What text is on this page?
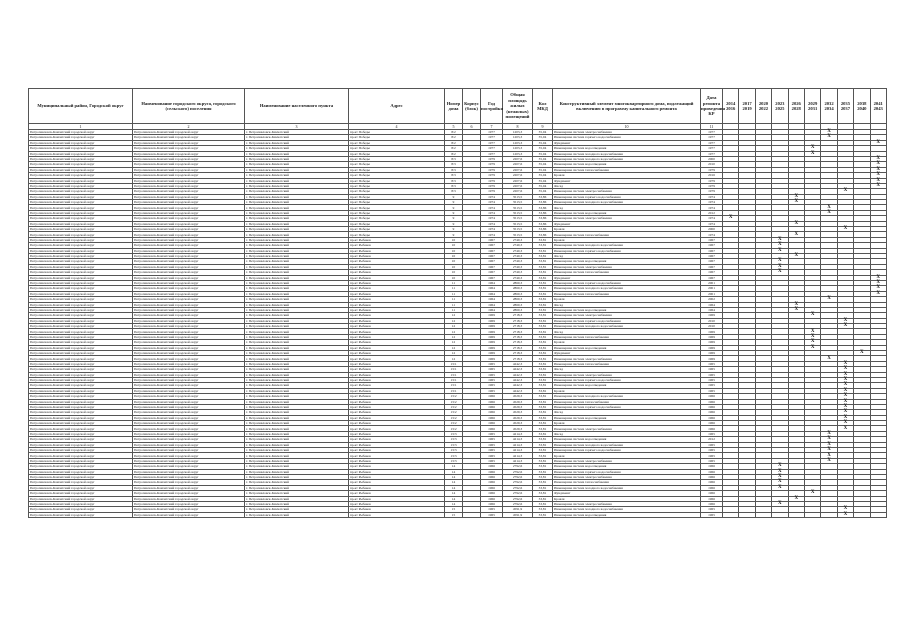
Муниципальный район, Городской округ	Наименование городского округа, городского (сельского) поселения	Наименование населенного пункта	Адрес	Номер дома	Корпус (блок)	Год постройки	Общая площадь жилых (нежилых) помещений	Кол МКД	Конструктивный элемент многоквартирного дома, подлежащий включению в программу капитального ремонта	Дата ремонта проведения КР	2014 2016	2017 2019	2020 2022	2023 2025	2026 2028	2029 2031	2032 2034	2035 2037	2038 2040	2041 2043
1	2	3	4	5	6	7	8	9	10	11										
Петропавловск-Камчатский городской округ	Петропавловск-Камчатский городской округ	г. Петропавловск-Камчатский	пр-кт Победы	8/2		1977	1203,3	35,04	Инженерная система электроснабжения	1977							X			
Петропавловск-Камчатский городской округ	Петропавловск-Камчатский городской округ	г. Петропавловск-Камчатский	пр-кт Победы	8/2		1977	1203,3	35,04	Инженерная система горячего водоснабжения	1977							X			
Петропавловск-Камчатский городской округ	Петропавловск-Камчатский городской округ	г. Петропавловск-Камчатский	пр-кт Победы	8/2		1977	1203,3	35,04	Фундамент	1977										X
Петропавловск-Камчатский городской округ	Петропавловск-Камчатский городской округ	г. Петропавловск-Камчатский	пр-кт Победы	8/2		1977	1203,3	35,04	Инженерная система водоотведения	1977						X				
Петропавловск-Камчатский городской округ	Петропавловск-Камчатский городской округ	г. Петропавловск-Камчатский	пр-кт Победы	8/2		1977	1203,3	35,04	Инженерная система холодного водоснабжения	1977						X				
Петропавловск-Камчатский городской округ	Петропавловск-Камчатский городской округ	г. Петропавловск-Камчатский	пр-кт Победы	8/3		1979	2207,6	35,04	Инженерная система холодного водоснабжения	2000										X
Петропавловск-Камчатский городской округ	Петропавловск-Камчатский городской округ	г. Петропавловск-Камчатский	пр-кт Победы	8/3		1979	2207,6	35,04	Инженерная система водоотведения	2010										X
Петропавловск-Камчатский городской округ	Петропавловск-Камчатский городской округ	г. Петропавловск-Камчатский	пр-кт Победы	8/3		1979	2207,6	35,04	Инженерная система теплоснабжения	1979										X
Петропавловск-Камчатский городской округ	Петропавловск-Камчатский городской округ	г. Петропавловск-Камчатский	пр-кт Победы	8/3		1979	2207,6	35,04	Кровля	2016										X
Петропавловск-Камчатский городской округ	Петропавловск-Камчатский городской округ	г. Петропавловск-Камчатский	пр-кт Победы	8/3		1979	2207,6	35,04	Фундамент	1979										X
Петропавловск-Камчатский городской округ	Петропавловск-Камчатский городской округ	г. Петропавловск-Камчатский	пр-кт Победы	8/3		1979	2207,6	35,04	Фасад	1979										X
Петропавловск-Камчатский городской округ	Петропавловск-Камчатский городской округ	г. Петропавловск-Камчатский	пр-кт Победы	8/3		1979	2207,6	35,04	Инженерная система электроснабжения	1979								X		
Петропавловск-Камчатский городской округ	Петропавловск-Камчатский городской округ	г. Петропавловск-Камчатский	пр-кт Победы	9		1974	3513,5	33,86	Инженерная система горячего водоснабжения	1974					X					
Петропавловск-Камчатский городской округ	Петропавловск-Камчатский городской округ	г. Петропавловск-Камчатский	пр-кт Победы	9		1974	3513,5	33,86	Инженерная система холодного водоснабжения	1974					X					
Петропавловск-Камчатский городской округ	Петропавловск-Камчатский городской округ	г. Петропавловск-Камчатский	пр-кт Победы	9		1974	3513,5	33,86	Фасад	1974							X			
Петропавловск-Камчатский городской округ	Петропавловск-Камчатский городской округ	г. Петропавловск-Камчатский	пр-кт Победы	9		1974	3513,5	33,86	Инженерная система водоотведения	2012							X			
Петропавловск-Камчатский городской округ	Петропавловск-Камчатский городской округ	г. Петропавловск-Камчатский	пр-кт Победы	9		1974	3513,5	33,86	Инженерная система электроснабжения	1974	X									
Петропавловск-Камчатский городской округ	Петропавловск-Камчатский городской округ	г. Петропавловск-Камчатский	пр-кт Победы	9		1974	3513,5	33,86	Фундамент	1974					X					
Петропавловск-Камчатский городской округ	Петропавловск-Камчатский городской округ	г. Петропавловск-Камчатский	пр-кт Победы	9		1974	3513,5	33,86	Кровля	2000								X		
Петропавловск-Камчатский городской округ	Петропавловск-Камчатский городской округ	г. Петропавловск-Камчатский	пр-кт Победы	9		1974	3513,5	33,86	Инженерная система теплоснабжения	1974					X					
Петропавловск-Камчатский городской округ	Петропавловск-Камчатский городской округ	г. Петропавловск-Камчатский	пр-кт Рыбаков	10		1967	2740,3	33,81	Кровля	1967				X						
Петропавловск-Камчатский городской округ	Петропавловск-Камчатский городской округ	г. Петропавловск-Камчатский	пр-кт Рыбаков	10		1967	2740,3	33,81	Инженерная система холодного водоснабжения	1967				X						
Петропавловск-Камчатский городской округ	Петропавловск-Камчатский городской округ	г. Петропавловск-Камчатский	пр-кт Рыбаков	10		1967	2740,3	33,81	Инженерная система горячего водоснабжения	1967				X						
Петропавловск-Камчатский городской округ	Петропавловск-Камчатский городской округ	г. Петропавловск-Камчатский	пр-кт Рыбаков	10		1967	2740,3	33,81	Фасад	1967					X					
Петропавловск-Камчатский городской округ	Петропавловск-Камчатский городской округ	г. Петропавловск-Камчатский	пр-кт Рыбаков	10		1967	2740,3	33,81	Инженерная система водоотведения	1967				X						
Петропавловск-Камчатский городской округ	Петропавловск-Камчатский городской округ	г. Петропавловск-Камчатский	пр-кт Рыбаков	10		1967	2740,3	33,81	Инженерная система электроснабжения	1967				X						
Петропавловск-Камчатский городской округ	Петропавловск-Камчатский городской округ	г. Петропавловск-Камчатский	пр-кт Рыбаков	10		1967	2740,3	33,81	Инженерная система теплоснабжения	1967				X						
Петропавловск-Камчатский городской округ	Петропавловск-Камчатский городской округ	г. Петропавловск-Камчатский	пр-кт Рыбаков	10		1967	2740,3	33,81	Фундамент	1967										X
Петропавловск-Камчатский городской округ	Петропавловск-Камчатский городской округ	г. Петропавловск-Камчатский	пр-кт Рыбаков	11		1964	2860,3	33,81	Инженерная система горячего водоснабжения	2001										X
Петропавловск-Камчатский городской округ	Петропавловск-Камчатский городской округ	г. Петропавловск-Камчатский	пр-кт Рыбаков	11		1964	2860,3	33,81	Инженерная система холодного водоснабжения	2001										X
Петропавловск-Камчатский городской округ	Петропавловск-Камчатский городской округ	г. Петропавловск-Камчатский	пр-кт Рыбаков	11		1964	2860,3	33,81	Инженерная система теплоснабжения	2001										X
Петропавловск-Камчатский городской округ	Петропавловск-Камчатский городской округ	г. Петропавловск-Камчатский	пр-кт Рыбаков	11		1964	2860,3	33,81	Кровля	2002							X			
Петропавловск-Камчатский городской округ	Петропавловск-Камчатский городской округ	г. Петропавловск-Камчатский	пр-кт Рыбаков	11		1964	2860,3	33,81	Фасад	1964					X					
Петропавловск-Камчатский городской округ	Петропавловск-Камчатский городской округ	г. Петропавловск-Камчатский	пр-кт Рыбаков	11		1964	2860,3	33,81	Инженерная система водоотведения	1964					X					
Петропавловск-Камчатский городской округ	Петропавловск-Камчатский городской округ	г. Петропавловск-Камчатский	пр-кт Рыбаков	12		1969	2718,3	33,81	Инженерная система электроснабжения	1969						X				
Петропавловск-Камчатский городской округ	Петропавловск-Камчатский городской округ	г. Петропавловск-Камчатский	пр-кт Рыбаков	12		1969	2718,3	33,81	Инженерная система горячего водоснабжения	2010								X		
Петропавловск-Камчатский городской округ	Петропавловск-Камчатский городской округ	г. Петропавловск-Камчатский	пр-кт Рыбаков	12		1969	2718,3	33,81	Инженерная система холодного водоснабжения	2010								X		
Петропавловск-Камчатский городской округ	Петропавловск-Камчатский городской округ	г. Петропавловск-Камчатский	пр-кт Рыбаков	12		1969	2718,3	33,81	Фасад	1969						X				
Петропавловск-Камчатский городской округ	Петропавловск-Камчатский городской округ	г. Петропавловск-Камчатский	пр-кт Рыбаков	12		1969	2718,3	33,81	Инженерная система теплоснабжения	1969						X				
Петропавловск-Камчатский городской округ	Петропавловск-Камчатский городской округ	г. Петропавловск-Камчатский	пр-кт Рыбаков	12		1969	2718,3	33,81	Кровля	1969						X				
Петропавловск-Камчатский городской округ	Петропавловск-Камчатский городской округ	г. Петропавловск-Камчатский	пр-кт Рыбаков	12		1969	2718,3	33,81	Инженерная система водоотведения	1969						X				
Петропавловск-Камчатский городской округ	Петропавловск-Камчатский городской округ	г. Петропавловск-Камчатский	пр-кт Рыбаков	12		1969	2718,3	33,81	Фундамент	1969									X	
Петропавловск-Камчатский городской округ	Петропавловск-Камчатский городской округ	г. Петропавловск-Камчатский	пр-кт Рыбаков	12		1969	2718,3	33,81	Инженерная система электроснабжения	1969							X			
Петропавловск-Камчатский городской округ	Петропавловск-Камчатский городской округ	г. Петропавловск-Камчатский	пр-кт Рыбаков	13/1		1965	4242,3	33,81	Инженерная система теплоснабжения	1965								X		
Петропавловск-Камчатский городской округ	Петропавловск-Камчатский городской округ	г. Петропавловск-Камчатский	пр-кт Рыбаков	13/1		1965	4242,3	33,81	Фасад	1965								X		
Петропавловск-Камчатский городской округ	Петропавловск-Камчатский городской округ	г. Петропавловск-Камчатский	пр-кт Рыбаков	13/1		1965	4242,3	33,81	Инженерная система электроснабжения	1965								X		
Петропавловск-Камчатский городской округ	Петропавловск-Камчатский городской округ	г. Петропавловск-Камчатский	пр-кт Рыбаков	13/1		1965	4242,3	33,81	Инженерная система горячего водоснабжения	1965								X		
Петропавловск-Камчатский городской округ	Петропавловск-Камчатский городской округ	г. Петропавловск-Камчатский	пр-кт Рыбаков	13/1		1965	4242,3	33,81	Инженерная система водоотведения	1965								X		
Петропавловск-Камчатский городской округ	Петропавловск-Камчатский городской округ	г. Петропавловск-Камчатский	пр-кт Рыбаков	13/1		1965	4242,3	33,81	Кровля	1965								X		
Петропавловск-Камчатский городской округ	Петропавловск-Камчатский городской округ	г. Петропавловск-Камчатский	пр-кт Рыбаков	13/2		1966	4529,3	33,81	Инженерная система холодного водоснабжения	1966								X		
Петропавловск-Камчатский городской округ	Петропавловск-Камчатский городской округ	г. Петропавловск-Камчатский	пр-кт Рыбаков	13/2		1966	4529,3	33,81	Инженерная система теплоснабжения	1966								X		
Петропавловск-Камчатский городской округ	Петропавловск-Камчатский городской округ	г. Петропавловск-Камчатский	пр-кт Рыбаков	13/2		1966	4529,3	33,81	Инженерная система горячего водоснабжения	1966								X		
Петропавловск-Камчатский городской округ	Петропавловск-Камчатский городской округ	г. Петропавловск-Камчатский	пр-кт Рыбаков	13/2		1966	4529,3	33,81	Фасад	1966								X		
Петропавловск-Камчатский городской округ	Петропавловск-Камчатский городской округ	г. Петропавловск-Камчатский	пр-кт Рыбаков	13/2		1966	4529,3	33,81	Инженерная система водоотведения	1966								X		
Петропавловск-Камчатский городской округ	Петропавловск-Камчатский городской округ	г. Петропавловск-Камчатский	пр-кт Рыбаков	13/2		1966	4529,3	33,81	Кровля	1966								X		
Петропавловск-Камчатский городской округ	Петропавловск-Камчатский городской округ	г. Петропавловск-Камчатский	пр-кт Рыбаков	13/2		1966	4529,3	33,81	Инженерная система электроснабжения	1966								X		
Петропавловск-Камчатский городской округ	Петропавловск-Камчатский городской округ	г. Петропавловск-Камчатский	пр-кт Рыбаков	13/3		1965	4214,3	33,81	Фасад	1965							X			
Петропавловск-Камчатский городской округ	Петропавловск-Камчатский городской округ	г. Петропавловск-Камчатский	пр-кт Рыбаков	13/3		1965	4214,3	33,81	Инженерная система водоотведения	2012							X			
Петропавловск-Камчатский городской округ	Петропавловск-Камчатский городской округ	г. Петропавловск-Камчатский	пр-кт Рыбаков	13/3		1965	4214,3	33,81	Инженерная система холодного водоснабжения	1965							X			
Петропавловск-Камчатский городской округ	Петропавловск-Камчатский городской округ	г. Петропавловск-Камчатский	пр-кт Рыбаков	13/3		1965	4214,3	33,81	Инженерная система горячего водоснабжения	1965							X			
Петропавловск-Камчатский городской округ	Петропавловск-Камчатский городской округ	г. Петропавловск-Камчатский	пр-кт Рыбаков	13/3		1965	4214,3	33,81	Кровля	1965							X			
Петропавловск-Камчатский городской округ	Петропавловск-Камчатский городской округ	г. Петропавловск-Камчатский	пр-кт Рыбаков	13/3		1965	4214,3	33,81	Инженерная система электроснабжения	1965							X			
Петропавловск-Камчатский городской округ	Петропавловск-Камчатский городской округ	г. Петропавловск-Камчатский	пр-кт Рыбаков	14		1966	2792,6	33,81	Инженерная система водоотведения	1966				X						
Петропавловск-Камчатский городской округ	Петропавловск-Камчатский городской округ	г. Петропавловск-Камчатский	пр-кт Рыбаков	14		1966	2792,6	33,81	Инженерная система горячего водоснабжения	1966				X						
Петропавловск-Камчатский городской округ	Петропавловск-Камчатский городской округ	г. Петропавловск-Камчатский	пр-кт Рыбаков	14		1966	2792,6	33,81	Инженерная система электроснабжения	1966				X						
Петропавловск-Камчатский городской округ	Петропавловск-Камчатский городской округ	г. Петропавловск-Камчатский	пр-кт Рыбаков	14		1966	2792,6	33,81	Инженерная система теплоснабжения	1966				X						
Петропавловск-Камчатский городской округ	Петропавловск-Камчатский городской округ	г. Петропавловск-Камчатский	пр-кт Рыбаков	14		1966	2792,6	33,81	Инженерная система холодного водоснабжения	1966				X						
Петропавловск-Камчатский городской округ	Петропавловск-Камчатский городской округ	г. Петропавловск-Камчатский	пр-кт Рыбаков	14		1966	2792,6	33,81	Фундамент	1966						X				
Петропавловск-Камчатский городской округ	Петропавловск-Камчатский городской округ	г. Петропавловск-Камчатский	пр-кт Рыбаков	14		1966	2792,6	33,81	Кровля	1966					X					
Петропавловск-Камчатский городской округ	Петропавловск-Камчатский городской округ	г. Петропавловск-Камчатский	пр-кт Рыбаков	14		1966	2792,6	33,81	Инженерная система электроснабжения	1966				X						
Петропавловск-Камчатский городской округ	Петропавловск-Камчатский городской округ	г. Петропавловск-Камчатский	пр-кт Рыбаков	15		1965	4591,9	33,81	Инженерная система холодного водоснабжения	1965								X		
Петропавловск-Камчатский городской округ	Петропавловск-Камчатский городской округ	г. Петропавловск-Камчатский	пр-кт Рыбаков	15		1965	4591,9	33,81	Инженерная система водоотведения	1965								X		
